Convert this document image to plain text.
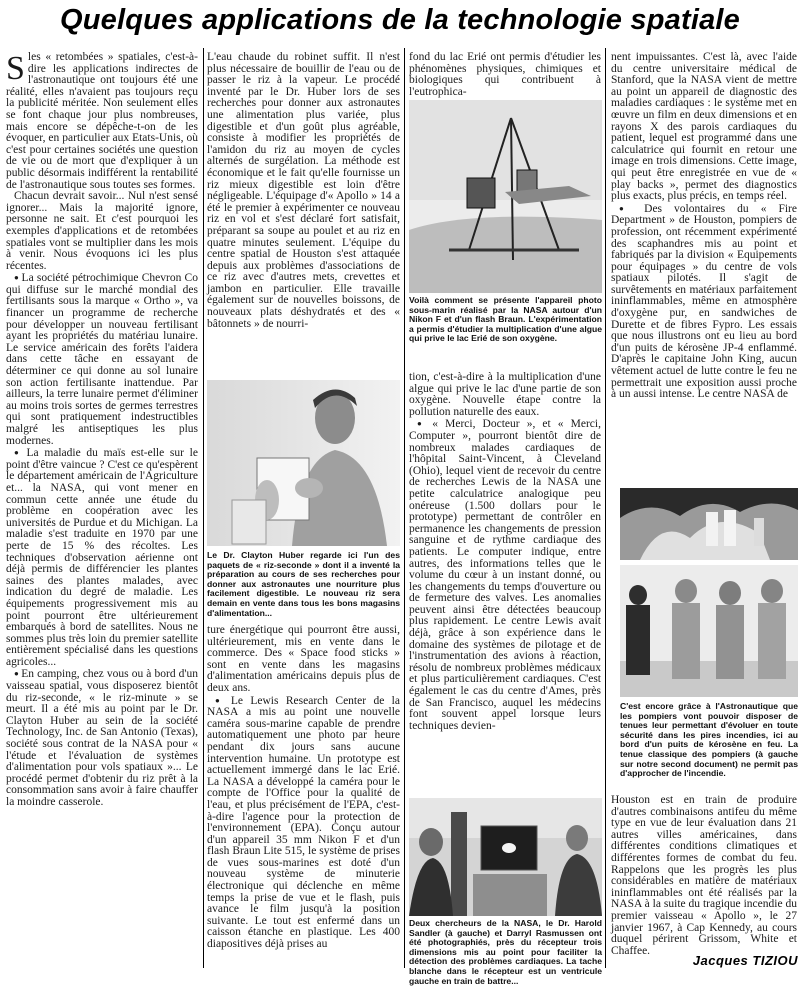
Quelques applications de la technologie spatiale

Sles « retombées » spatiales, c'est-à-dire les applications indirectes de l'astronautique ont toujours été une réalité, elles n'avaient pas toujours reçu la publicité méritée. Non seulement elles se font chaque jour plus nombreuses, mais encore se dépêche-t-on de les évoquer, en particulier aux Etats-Unis, où c'est pour certaines sociétés une question de vie ou de mort que d'expliquer à un public désormais indifférent la rentabilité de l'astronautique sous toutes ses formes.

Chacun devrait savoir... Nul n'est sensé ignorer... Mais la majorité ignore, personne ne sait. Et c'est pourquoi les exemples d'applications et de retombées spatiales vont se multiplier dans les mois à venir. Nous évoquons ici les plus récentes.

● La société pétrochimique Chevron Co qui diffuse sur le marché mondial des fertilisants sous la marque « Ortho », va financer un programme de recherche pour développer un nouveau fertilisant ayant les propriétés du matériau lunaire. Le service américain des forêts l'aidera dans cette tâche en essayant de déterminer ce qui donne au sol lunaire son action fertilisante inattendue. Par ailleurs, la terre lunaire permet d'éliminer au moins trois sortes de germes terrestres qui sont pratiquement indestructibles malgré les antiseptiques les plus modernes.

● La maladie du maïs est-elle sur le point d'être vaincue ? C'est ce qu'espèrent le département américain de l'Agriculture et... la NASA, qui vont mener en commun cette année une étude du problème en coopération avec les universités de Purdue et du Michigan. La maladie s'est traduite en 1970 par une perte de 15 % des récoltes. Les techniques d'observation aérienne ont déjà permis de différencier les plantes saines des plantes malades, avec indication du degré de maladie. Les équipements progressivement mis au point pourront être ultérieurement embarqués à bord de satellites. Nous ne sommes plus très loin du premier satellite entièrement spécialisé dans les questions agricoles...

● En camping, chez vous ou à bord d'un vaisseau spatial, vous disposerez bientôt du riz-seconde, « le riz-minute » se meurt. Il a été mis au point par le Dr. Clayton Huber au sein de la société Technology, Inc. de San Antonio (Texas), société sous contrat de la NASA pour « l'étude et l'évaluation de systèmes d'alimentation pour vols spatiaux »... Le procédé permet d'obtenir du riz prêt à la consommation sans avoir à faire chauffer la moindre casserole.

L'eau chaude du robinet suffit. Il n'est plus nécessaire de bouillir de l'eau ou de passer le riz à la vapeur. Le procédé inventé par le Dr. Huber lors de ses recherches pour donner aux astronautes une alimentation plus variée, plus digestible et d'un goût plus agréable, consiste à modifier les propriétés de l'amidon du riz au moyen de cycles alternés de surgélation. La méthode est économique et le fait qu'elle fournisse un riz mieux digestible est loin d'être négligeable. L'équipage d'« Apollo » 14 a été le premier à expérimenter ce nouveau riz en vol et s'est déclaré fort satisfait, préparant sa soupe au poulet et au riz en quatre minutes seulement. L'équipe du centre spatial de Houston s'est attaquée depuis aux problèmes d'associations de ce riz avec d'autres mets, crevettes et jambon en particulier. Elle travaille également sur de nouvelles boissons, de nouveaux plats déshydratés et des « bâtonnets » de nourri-
Le Dr. Clayton Huber regarde ici l'un des paquets de « riz-seconde » dont il a inventé la préparation au cours de ses recherches pour donner aux astronautes une nourriture plus facilement digestible. Le nouveau riz sera demain en vente dans tous les bons magasins d'alimentation...

ture énergétique qui pourront être aussi, ultérieurement, mis en vente dans le commerce. Des « Space food sticks » sont en vente dans les magasins d'alimentation américains depuis plus de deux ans.

● Le Lewis Research Center de la NASA a mis au point une nouvelle caméra sous-marine capable de prendre automatiquement une photo par heure pendant dix jours sans aucune intervention humaine. Un prototype est actuellement immergé dans le lac Erié. La NASA a développé la caméra pour le compte de l'Office pour la qualité de l'eau, et plus précisément de l'EPA, c'est-à-dire l'agence pour la protection de l'environnement (EPA). Conçu autour d'un appareil 35 mm Nikon F et d'un flash Braun Lite 515, le système de prises de vues sous-marines est doté d'un nouveau système de minuterie électronique qui déclenche en même temps la prise de vue et le flash, puis avance le film jusqu'à la position suivante. Le tout est enfermé dans un caisson étanche en plastique. Les 400 diapositives déjà prises au

fond du lac Erié ont permis d'étudier les phénomènes physiques, chimiques et biologiques qui contribuent à l'eutrophica-
Voilà comment se présente l'appareil photo sous-marin réalisé par la NASA autour d'un Nikon F et d'un flash Braun. L'expérimentation a permis d'étudier la multiplication d'une algue qui prive le lac Erié de son oxygène.

tion, c'est-à-dire à la multiplication d'une algue qui prive le lac d'une partie de son oxygène. Nouvelle étape contre la pollution naturelle des eaux.

● « Merci, Docteur », et « Merci, Computer », pourront bientôt dire de nombreux malades cardiaques de l'hôpital Saint-Vincent, à Cleveland (Ohio), lequel vient de recevoir du centre de recherches Lewis de la NASA une petite calculatrice analogique peu onéreuse (1.500 dollars pour le prototype) permettant de contrôler en permanence les changements de pression sanguine et de rythme cardiaque des patients. Le computer indique, entre autres, des informations telles que le volume du cœur à un instant donné, ou les changements du temps d'ouverture ou de fermeture des valves. Les anomalies peuvent ainsi être détectées beaucoup plus rapidement. Le centre Lewis avait déjà, grâce à son expérience dans le domaine des systèmes de pilotage et de l'instrumentation des avions à réaction, résolu de nombreux problèmes médicaux et plus particulièrement cardiaques. C'est également le cas du centre d'Ames, près de San Francisco, auquel les médecins font souvent appel lorsque leurs techniques devien-

Deux chercheurs de la NASA, le Dr. Harold Sandler (à gauche) et Darryl Rasmussen ont été photographiés, près du récepteur trois dimensions mis au point pour faciliter la détection des problèmes cardiaques. La tache blanche dans le récepteur est un ventricule gauche en train de battre...

nent impuissantes. C'est là, avec l'aide du centre universitaire médical de Stanford, que la NASA vient de mettre au point un appareil de diagnostic des maladies cardiaques : le système met en œuvre un film en deux dimensions et en rayons X des parois cardiaques du patient, lequel est programmé dans une calculatrice qui fournit en retour une image en trois dimensions. Cette image, qui peut être enregistrée en vue de « play backs », permet des diagnostics plus exacts, plus précis, en temps réel.

● Des volontaires du « Fire Department » de Houston, pompiers de profession, ont récemment expérimenté des scaphandres mis au point et fabriqués par la division « Equipements pour équipages » du centre de vols spatiaux pilotés. Il s'agit de survêtements en matériaux parfaitement ininflammables, même en atmosphère d'oxygène pur, en sandwiches de Durette et de fibres Fypro. Les essais que nous illustrons ont eu lieu au bord d'un puits de kérosène JP-4 enflammé. D'après le capitaine John King, aucun vêtement actuel de lutte contre le feu ne permettrait une exposition aussi proche à un aussi intense. Le centre NASA de

C'est encore grâce à l'Astronautique que les pompiers vont pouvoir disposer de tenues leur permettant d'évoluer en toute sécurité dans les pires incendies, ici au bord d'un puits de kérosène en feu. La tenue classique des pompiers (à gauche sur notre second document) ne permit pas d'approcher de l'incendie.
Houston est en train de produire d'autres combinaisons antifeu du même type en vue de leur évaluation dans 21 autres villes américaines, dans différentes conditions climatiques et différentes formes de combat du feu. Rappelons que les progrès les plus considérables en matière de matériaux ininflammables ont été réalisés par la NASA à la suite du tragique incendie du premier vaisseau « Apollo », le 27 janvier 1967, à Cap Kennedy, au cours duquel périrent Grissom, White et Chaffee.
Jacques TIZIOU
